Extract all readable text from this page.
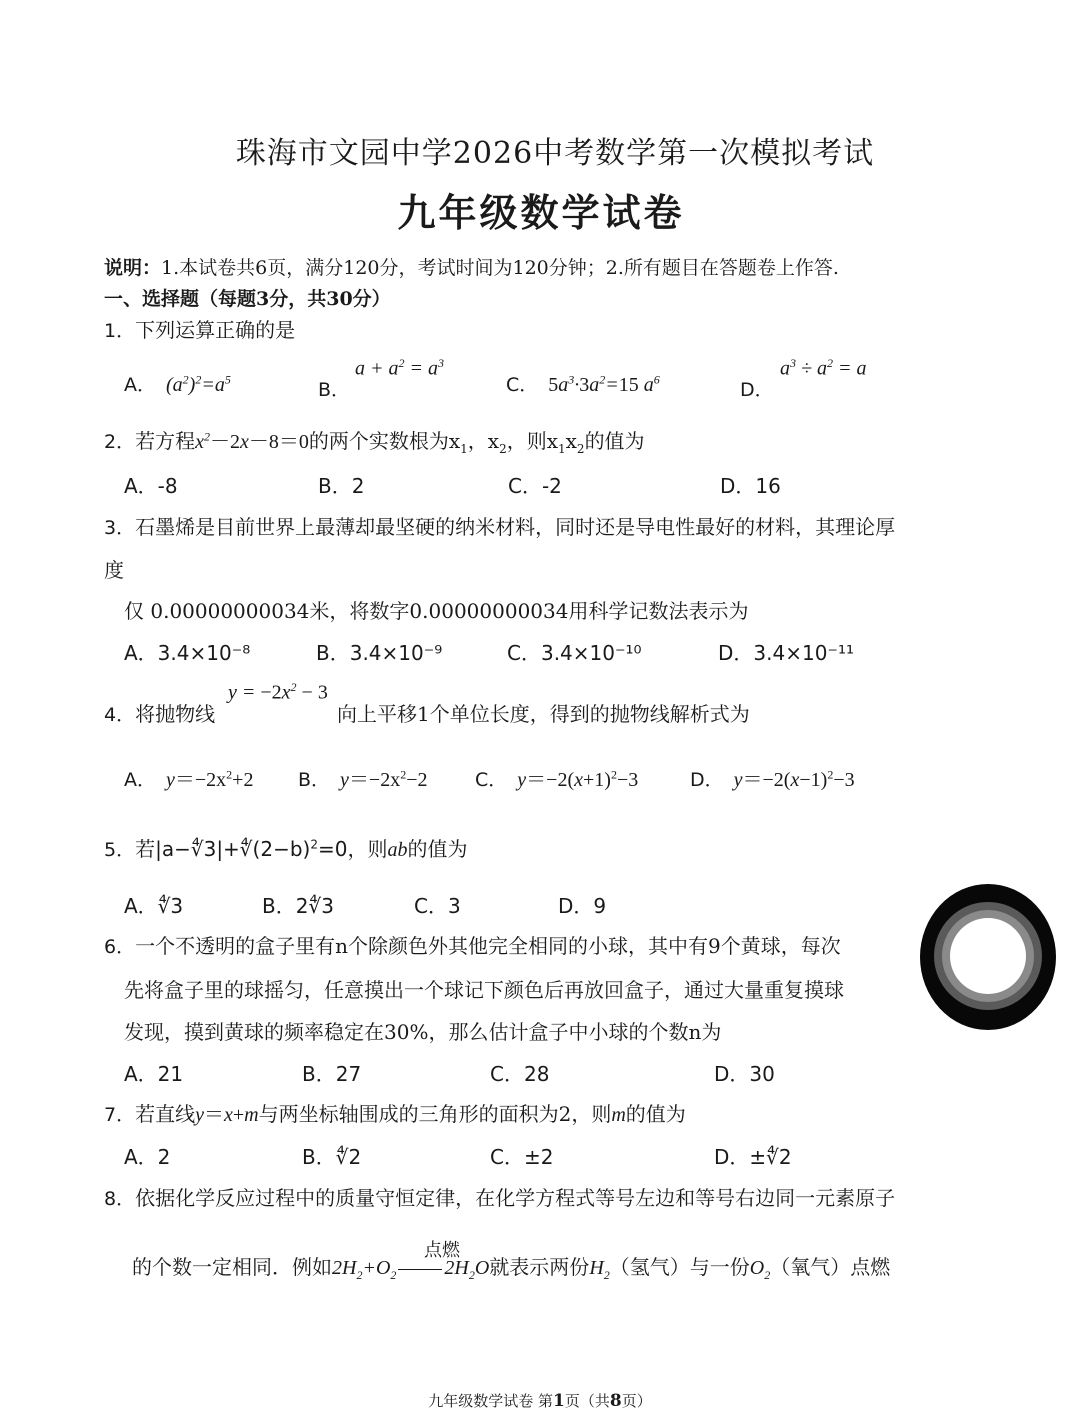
珠海市文园中学2026中考数学第一次模拟考试
九年级数学试卷
说明：1.本试卷共6页，满分120分，考试时间为120分钟；2.所有题目在答题卷上作答.
一、选择题（每题3分，共30分）
1．下列运算正确的是
A． $(a^2)^2=a^5$	B．
$a + a^2 = a^3$
C． $5a^3\cdot 3a^2=15$ $a^6$	D．
$a^3 \div a^2 = a$
2．若方程$x^2-2x-8=0$的两个实数根为$x_1$，$x_2$，则$x_1x_2$的值为
A．-8	B．2	C．-2	D．16
3．石墨烯是目前世界上最薄却最坚硬的纳米材料，同时还是导电性最好的材料，其理论厚
度
仅 0.00000000034米，将数字0.00000000034用科学记数法表示为
A．3.4×10⁻⁸	B．3.4×10⁻⁹	C．3.4×10⁻¹⁰	D．3.4×10⁻¹¹
4．将抛物线
$y = -2x^2 - 3$
向上平移1个单位长度，得到的抛物线解析式为
A． $y=-2x^2+2$ B． $y=-2x^2-2$	C． $y=-2(x+1)^2-3$	D． $y=-2(x-1)^2-3$
5．若$|a-∜3|+∜(2-b)^2=0$，则ab的值为
A．∜3	B．2∜3	C．3	D．9
6．一个不透明的盒子里有n个除颜色外其他完全相同的小球，其中有9个黄球，每次
先将盒子里的球摇匀，任意摸出一个球记下颜色后再放回盒子，通过大量重复摸球
发现，摸到黄球的频率稳定在30%，那么估计盒子中小球的个数n为
A．21	B．27	C．28	D．30
7．若直线y＝x+m与两坐标轴围成的三角形的面积为2，则m的值为
A．2	B．∜2	C．±2	D．±∜2
8．依据化学反应过程中的质量守恒定律，在化学方程式等号左边和等号右边同一元素原子
点燃
的个数一定相同．例如$2H_2+O_2$ $2H_2O$就表示两份$H_2$（氢气）与一份$O_2$（氧气）点燃
九年级数学试卷 第1页（共8页）
